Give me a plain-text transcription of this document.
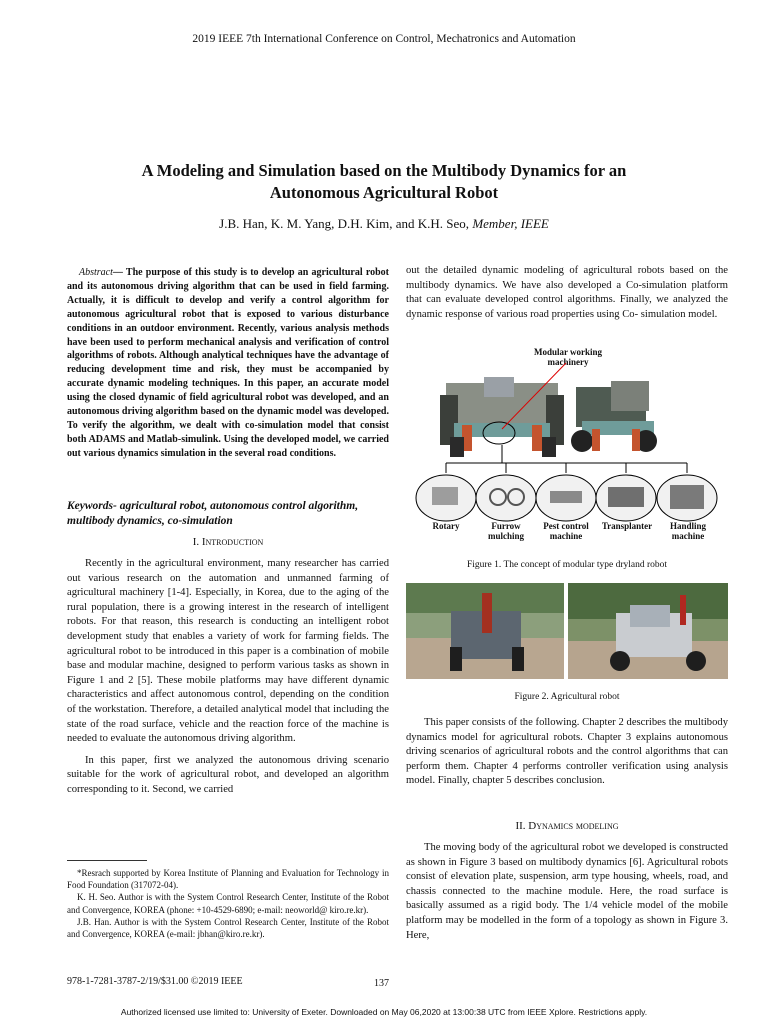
2019 IEEE 7th International Conference on Control, Mechatronics and Automation
A Modeling and Simulation based on the Multibody Dynamics for an
Autonomous Agricultural Robot
J.B. Han, K. M. Yang, D.H. Kim, and K.H. Seo, Member, IEEE
Abstract— The purpose of this study is to develop an agricultural robot and its autonomous driving algorithm that can be used in field farming. Actually, it is difficult to develop and verify a control algorithm for autonomous agricultural robot that is exposed to various disturbance conditions in an outdoor environment. Recently, various analysis methods have been used to perform mechanical analysis and verification of control algorithms of robots. Although analytical techniques have the advantage of reducing development time and risk, they must be accompanied by accurate dynamic modeling techniques. In this paper, an accurate model using the closed dynamic of field agricultural robot was developed, and an autonomous driving algorithm based on the dynamic model was developed. To verify the algorithm, we dealt with co-simulation model that consist both ADAMS and Matlab-simulink. Using the developed model, we carried out various dynamics simulation in the several road conditions.
Keywords- agricultural robot, autonomous control algorithm, multibody dynamics, co-simulation
I. Introduction

Recently in the agricultural environment, many researcher has carried out various research on the automation and unmanned farming of agricultural machinery [1-4]. Especially, in Korea, due to the aging of the rural population, there is a growing interest in the research of intelligent robots. For that reason, this research is conducting an intelligent robot development study that enables a variety of work for farming fields. The agricultural robot to be introduced in this paper is a combination of mobile base and modular machine, designed to perform various tasks as shown in Figure 1 and 2 [5]. These mobile platforms may have different dynamic characteristics and affect autonomous control, depending on the condition of the workstation. Therefore, a detailed analytical model that including the state of the road surface, vehicle and the reaction force of the machine is needed to evaluate the autonomous driving algorithm.

In this paper, first we analyzed the autonomous driving scenario suitable for the work of agricultural robot, and developed an algorithm corresponding to it. Second, we carried

*Resrach supported by Korea Institute of Planning and Evaluation for Technology in Food Foundation (317072-04).

K. H. Seo. Author is with the System Control Research Center, Institute of the Robot and Convergence, KOREA (phone: +10-4529-6890; e-mail: neoworld@ kiro.re.kr).

J.B. Han. Author is with the System Control Research Center, Institute of the Robot and Convergence, KOREA (e-mail: jbhan@kiro.re.kr).

out the detailed dynamic modeling of agricultural robots based on the multibody dynamics. We have also developed a Co-simulation platform that can evaluate developed control algorithms. Finally, we analyzed the dynamic response of various road properties using Co- simulation model.
Modular working machinery
Rotary	Furrow mulching
Pest control machine
Transplanter	Handling machine
Figure 1. The concept of modular type dryland robot
Figure 2. Agricultural robot
This paper consists of the following. Chapter 2 describes the multibody dynamics model for agricultural robots. Chapter 3 explains autonomous driving scenarios of agricultural robots and the control algorithms that can perform them. Chapter 4 performs controller verification using analysis model. Finally, chapter 5 describes conclusion.
II. Dynamics modeling
The moving body of the agricultural robot we developed is constructed as shown in Figure 3 based on multibody dynamics [6]. Agricultural robots consist of elevation plate, suspension, arm type housing, wheels, road, and chassis connected to the machine module. Here, the road surface is basically assumed as a rigid body. The 1/4 vehicle model of the mobile platform may be modelled in the form of a topology as shown in Figure 3. Here,
978-1-7281-3787-2/19/$31.00 ©2019 IEEE	137
Authorized licensed use limited to: University of Exeter. Downloaded on May 06,2020 at 13:00:38 UTC from IEEE Xplore. Restrictions apply.
